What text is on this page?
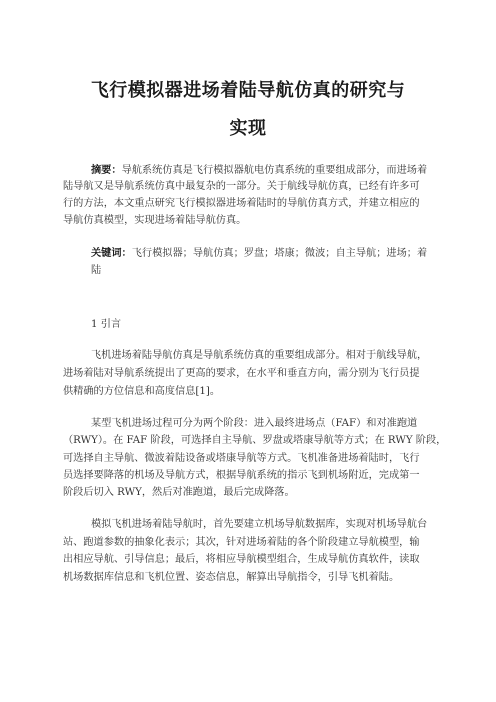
飞行模拟器进场着陆导航仿真的研究与
实现
摘要：导航系统仿真是飞行模拟器航电仿真系统的重要组成部分，而进场着
陆导航又是导航系统仿真中最复杂的一部分。关于航线导航仿真，已经有许多可
行的方法，本文重点研究飞行模拟器进场着陆时的导航仿真方式，并建立相应的
导航仿真模型，实现进场着陆导航仿真。
关键词：飞行模拟器；导航仿真；罗盘；塔康；微波；自主导航；进场；着
陆
1 引言
飞机进场着陆导航仿真是导航系统仿真的重要组成部分。相对于航线导航，
进场着陆对导航系统提出了更高的要求，在水平和垂直方向，需分别为飞行员提
供精确的方位信息和高度信息[1]。
某型飞机进场过程可分为两个阶段：进入最终进场点（FAF）和对准跑道
（RWY）。在 FAF 阶段，可选择自主导航、罗盘或塔康导航等方式；在 RWY 阶段，
可选择自主导航、微波着陆设备或塔康导航等方式。飞机准备进场着陆时，飞行
员选择要降落的机场及导航方式，根据导航系统的指示飞到机场附近，完成第一
阶段后切入 RWY，然后对准跑道，最后完成降落。
模拟飞机进场着陆导航时，首先要建立机场导航数据库，实现对机场导航台
站、跑道参数的抽象化表示；其次，针对进场着陆的各个阶段建立导航模型，输
出相应导航、引导信息；最后，将相应导航模型组合，生成导航仿真软件，读取
机场数据库信息和飞机位置、姿态信息，解算出导航指令，引导飞机着陆。
